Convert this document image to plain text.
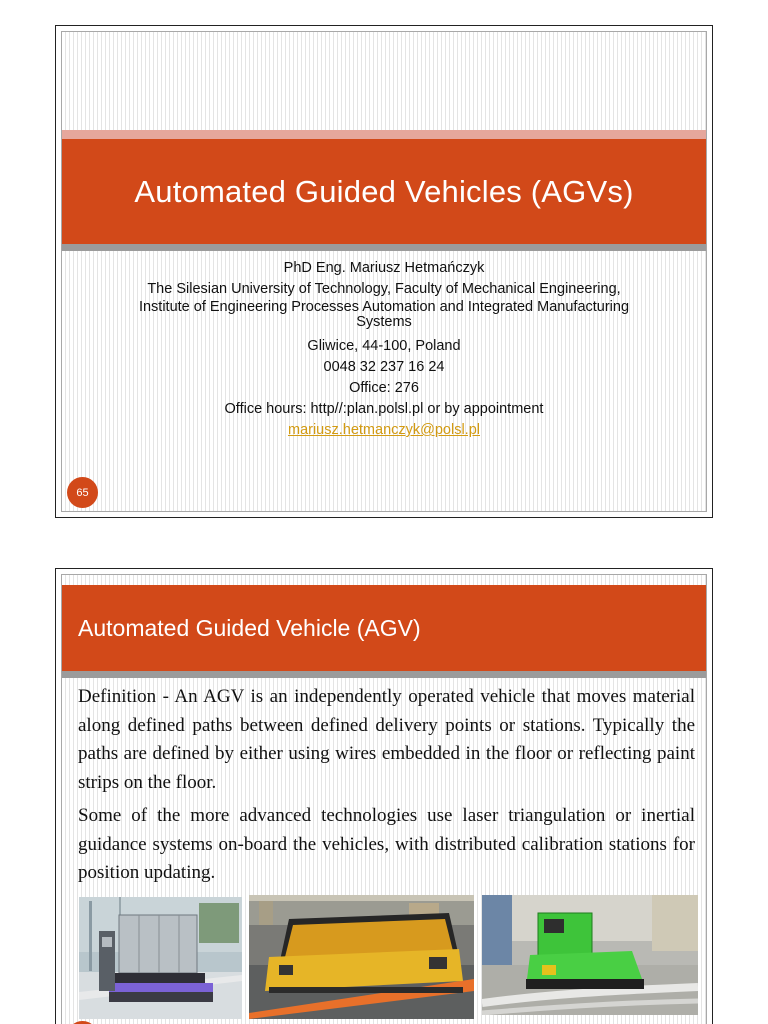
Automated Guided Vehicles (AGVs)
PhD Eng. Mariusz Hetmańczyk
The Silesian University of Technology, Faculty of Mechanical Engineering,
Institute of Engineering Processes Automation and Integrated Manufacturing
Systems
Gliwice, 44-100, Poland
0048 32 237 16 24
Office: 276
Office hours: http//:plan.polsl.pl or by appointment
mariusz.hetmanczyk@polsl.pl
65
Automated Guided Vehicle (AGV)

Definition - An AGV is an independently operated vehicle that moves material along defined paths between defined delivery points or stations. Typically the paths are defined by either using wires embedded in the floor or reflecting paint strips on the floor.

Some of the more advanced technologies use laser triangulation or inertial guidance systems on-board the vehicles, with distributed calibration stations for position updating.
